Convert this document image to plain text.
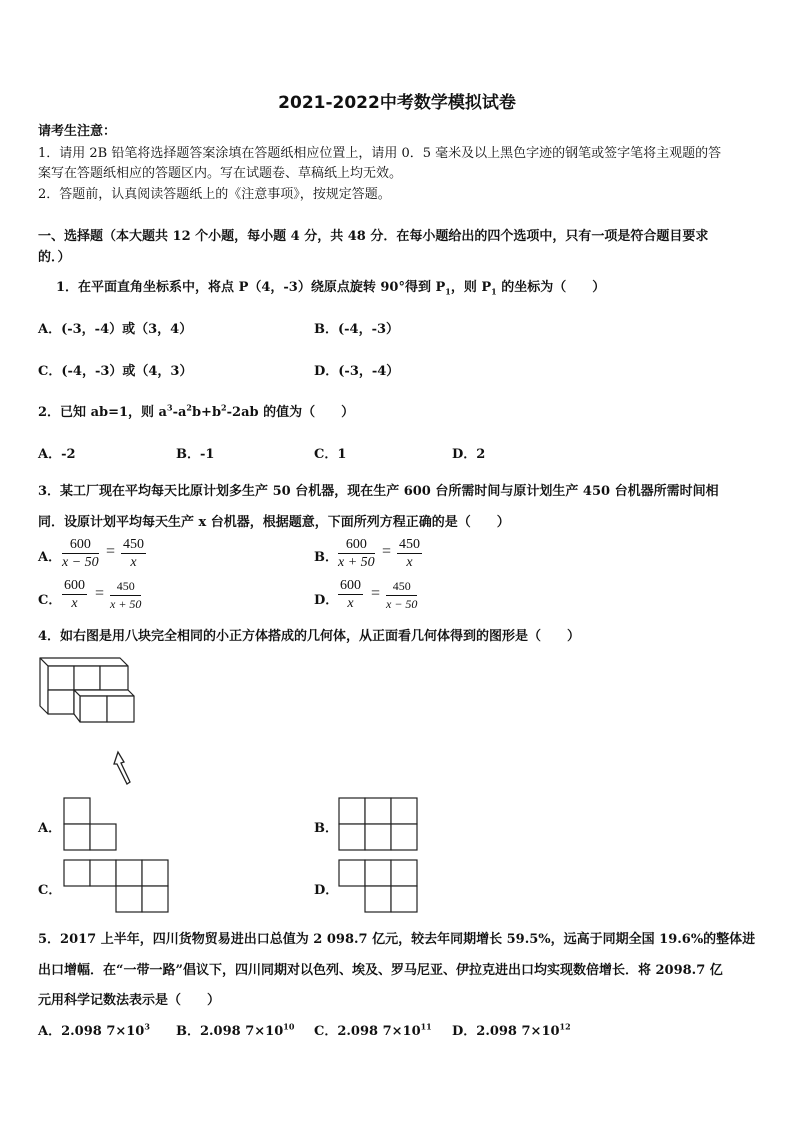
2021-2022中考数学模拟试卷
请考生注意：
1．请用 2B 铅笔将选择题答案涂填在答题纸相应位置上，请用 0．5 毫米及以上黑色字迹的钢笔或签字笔将主观题的答
案写在答题纸相应的答题区内。写在试题卷、草稿纸上均无效。
2．答题前，认真阅读答题纸上的《注意事项》，按规定答题。
一、选择题（本大题共 12 个小题，每小题 4 分，共 48 分．在每小题给出的四个选项中，只有一项是符合题目要求
的．）
1．在平面直角坐标系中，将点 P（4，-3）绕原点旋转 90°得到 $P_1$，则 $P_1$ 的坐标为（　　）
A．(-3，-4）或（3，4）	B．(-4，-3）
C．(-4，-3）或（4，3）	D．(-3，-4）
2．已知 ab=1，则 $a^3-a^2b+b^2-2ab$ 的值为（　　）
A．-2	B．-1	C．1	D．2
3．某工厂现在平均每天比原计划多生产 50 台机器，现在生产 600 台所需时间与原计划生产 450 台机器所需时间相
同．设原计划平均每天生产 x 台机器，根据题意，下面所列方程正确的是（　　）
A． $\frac{600}{x - 50} = \frac{450}{x}$	B． $\frac{600}{x + 50} = \frac{450}{x}$
C． $\frac{600}{x} = \frac{450}{x + 50}$	D． $\frac{600}{x} = \frac{450}{x - 50}$
4．如右图是用八块完全相同的小正方体搭成的几何体，从正面看几何体得到的图形是（　　）
A．	B．
C．	D．
5．2017 上半年，四川货物贸易进出口总值为 2 098.7 亿元，较去年同期增长 59.5%，远高于同期全国 19.6%的整体进
出口增幅．在“一带一路”倡议下，四川同期对以色列、埃及、罗马尼亚、伊拉克进出口均实现数倍增长．将 2098.7 亿
元用科学记数法表示是（　　）
A．2.098 $7\times 10^3$ B．2.098 $7\times 10^{10}$ C．2.098 $7\times 10^{11}$ D．2.098 $7\times 10^{12}$
